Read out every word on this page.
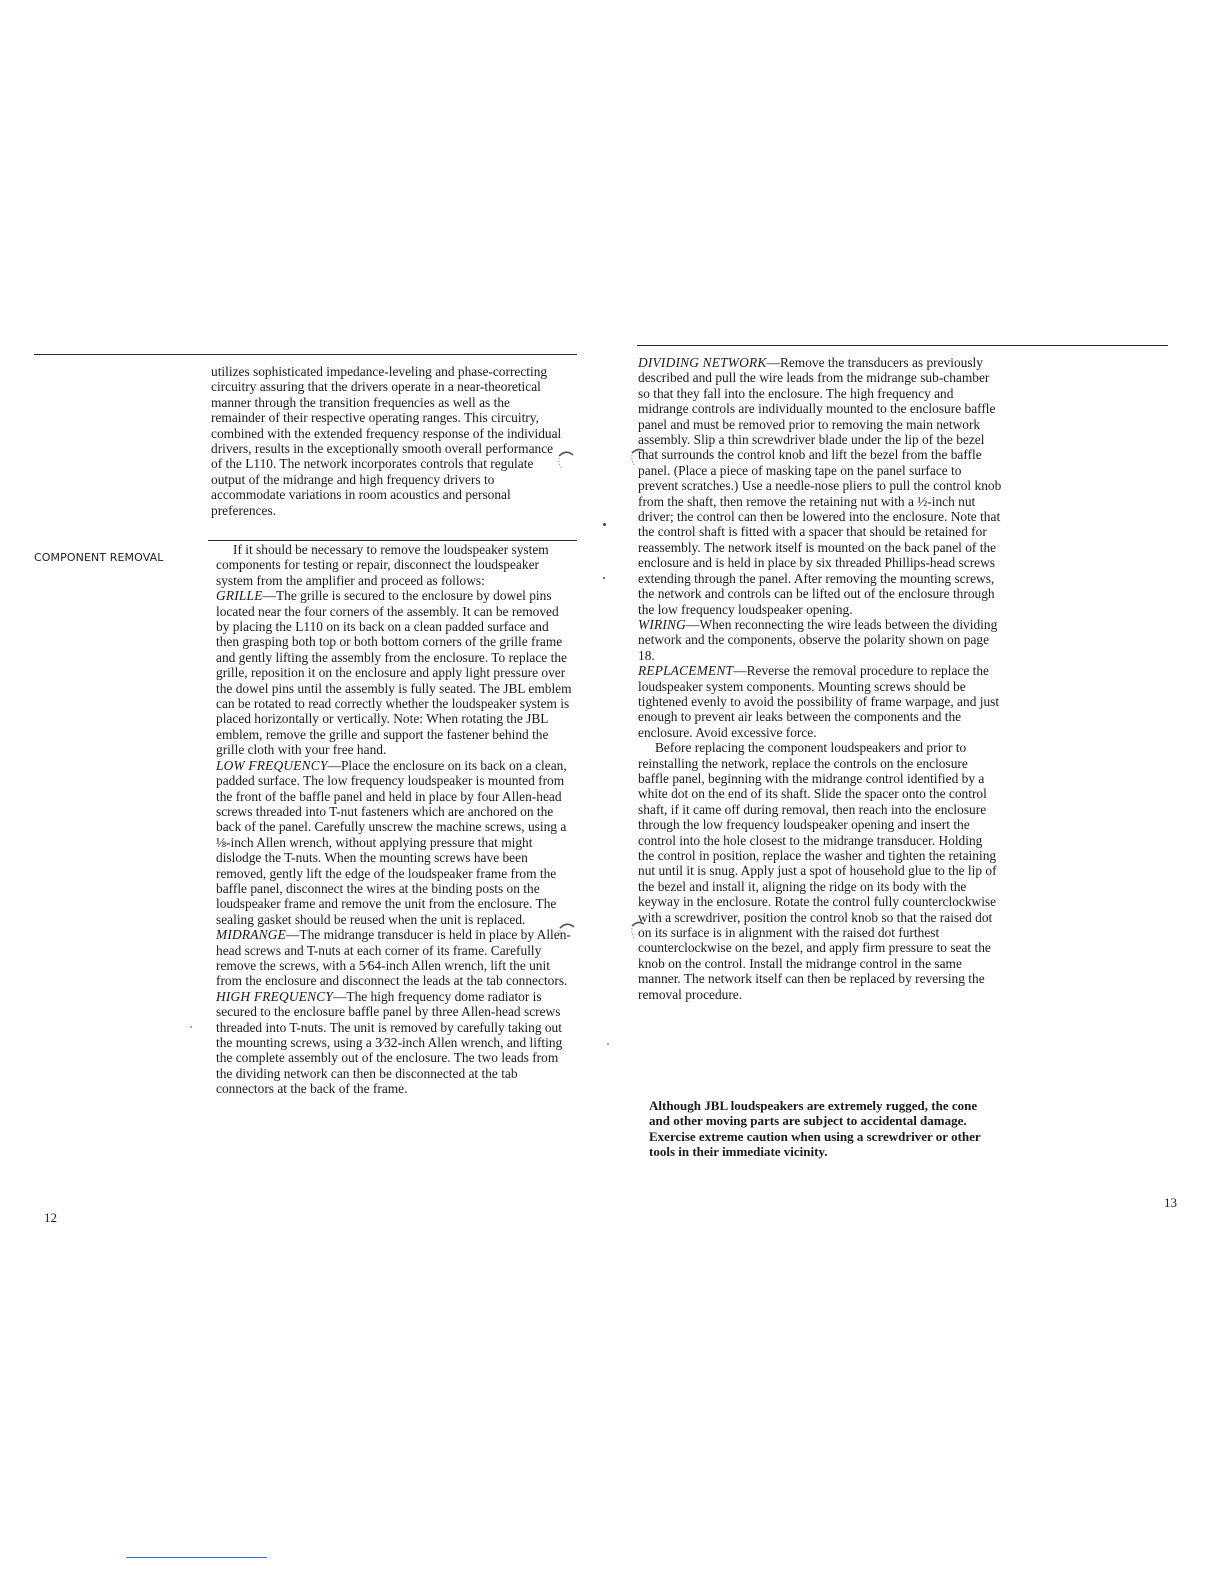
utilizes sophisticated impedance-leveling and phase-correcting circuitry assuring that the drivers operate in a near-theoretical manner through the transition frequencies as well as the remainder of their respective operating ranges. This circuitry, combined with the extended frequency response of the individual drivers, results in the exceptionally smooth overall performance of the L110. The network incorporates controls that regulate output of the midrange and high frequency drivers to accommodate variations in room acoustics and personal preferences.

COMPONENT REMOVAL

If it should be necessary to remove the loudspeaker system components for testing or repair, disconnect the loudspeaker system from the amplifier and proceed as follows:

GRILLE—The grille is secured to the enclosure by dowel pins located near the four corners of the assembly. It can be removed by placing the L110 on its back on a clean padded surface and then grasping both top or both bottom corners of the grille frame and gently lifting the assembly from the enclosure. To replace the grille, reposition it on the enclosure and apply light pressure over the dowel pins until the assembly is fully seated. The JBL emblem can be rotated to read correctly whether the loudspeaker system is placed horizontally or vertically. Note: When rotating the JBL emblem, remove the grille and support the fastener behind the grille cloth with your free hand.

LOW FREQUENCY—Place the enclosure on its back on a clean, padded surface. The low frequency loudspeaker is mounted from the front of the baffle panel and held in place by four Allen-head screws threaded into T-nut fasteners which are anchored on the back of the panel. Carefully unscrew the machine screws, using a ⅛-inch Allen wrench, without applying pressure that might dislodge the T-nuts. When the mounting screws have been removed, gently lift the edge of the loudspeaker frame from the baffle panel, disconnect the wires at the binding posts on the loudspeaker frame and remove the unit from the enclosure. The sealing gasket should be reused when the unit is replaced.

MIDRANGE—The midrange transducer is held in place by Allen-head screws and T-nuts at each corner of its frame. Carefully remove the screws, with a 5⁄64-inch Allen wrench, lift the unit from the enclosure and disconnect the leads at the tab connectors.

HIGH FREQUENCY—The high frequency dome radiator is secured to the enclosure baffle panel by three Allen-head screws threaded into T-nuts. The unit is removed by carefully taking out the mounting screws, using a 3⁄32-inch Allen wrench, and lifting the complete assembly out of the enclosure. The two leads from the dividing network can then be disconnected at the tab connectors at the back of the frame.

DIVIDING NETWORK—Remove the transducers as previously described and pull the wire leads from the midrange sub-chamber so that they fall into the enclosure. The high frequency and midrange controls are individually mounted to the enclosure baffle panel and must be removed prior to removing the main network assembly. Slip a thin screwdriver blade under the lip of the bezel that surrounds the control knob and lift the bezel from the baffle panel. (Place a piece of masking tape on the panel surface to prevent scratches.) Use a needle-nose pliers to pull the control knob from the shaft, then remove the retaining nut with a ½-inch nut driver; the control can then be lowered into the enclosure. Note that the control shaft is fitted with a spacer that should be retained for reassembly. The network itself is mounted on the back panel of the enclosure and is held in place by six threaded Phillips-head screws extending through the panel. After removing the mounting screws, the network and controls can be lifted out of the enclosure through the low frequency loudspeaker opening.

WIRING—When reconnecting the wire leads between the dividing network and the components, observe the polarity shown on page 18.

REPLACEMENT—Reverse the removal procedure to replace the loudspeaker system components. Mounting screws should be tightened evenly to avoid the possibility of frame warpage, and just enough to prevent air leaks between the components and the enclosure. Avoid excessive force.

Before replacing the component loudspeakers and prior to reinstalling the network, replace the controls on the enclosure baffle panel, beginning with the midrange control identified by a white dot on the end of its shaft. Slide the spacer onto the control shaft, if it came off during removal, then reach into the enclosure through the low frequency loudspeaker opening and insert the control into the hole closest to the midrange transducer. Holding the control in position, replace the washer and tighten the retaining nut until it is snug. Apply just a spot of household glue to the lip of the bezel and install it, aligning the ridge on its body with the keyway in the enclosure. Rotate the control fully counterclockwise with a screwdriver, position the control knob so that the raised dot on its surface is in alignment with the raised dot furthest counterclockwise on the bezel, and apply firm pressure to seat the knob on the control. Install the midrange control in the same manner. The network itself can then be replaced by reversing the removal procedure.

Although JBL loudspeakers are extremely rugged, the cone and other moving parts are subject to accidental damage. Exercise extreme caution when using a screwdriver or other tools in their immediate vicinity.
12
13
